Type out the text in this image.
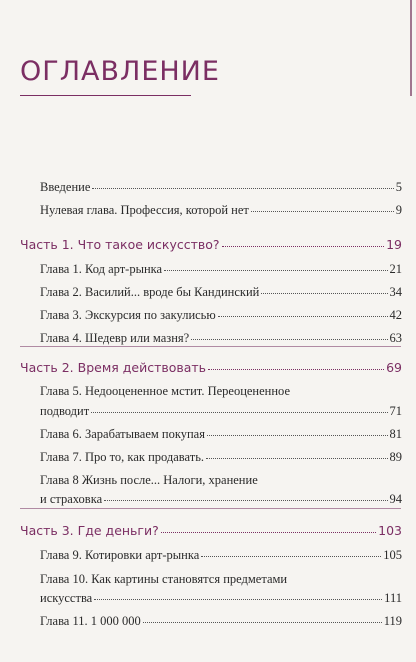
ОГЛАВЛЕНИЕ
Введение	5
Нулевая глава. Профессия, которой нет	9
Часть 1. Что такое искусство?	19
Глава 1. Код арт-рынка	21
Глава 2. Василий... вроде бы Кандинский	34
Глава 3. Экскурсия по закулисью	42
Глава 4. Шедевр или мазня?	63
Часть 2. Время действовать	69
Глава 5. Недооцененное мстит. Переоцененное
подводит	71
Глава 6. Зарабатываем покупая	81
Глава 7. Про то, как продавать.	89
Глава 8 Жизнь после... Налоги, хранение
и страховка	94
Часть 3. Где деньги?	103
Глава 9. Котировки арт-рынка	105
Глава 10. Как картины становятся предметами
искусства	111
Глава 11. 1 000 000	119
